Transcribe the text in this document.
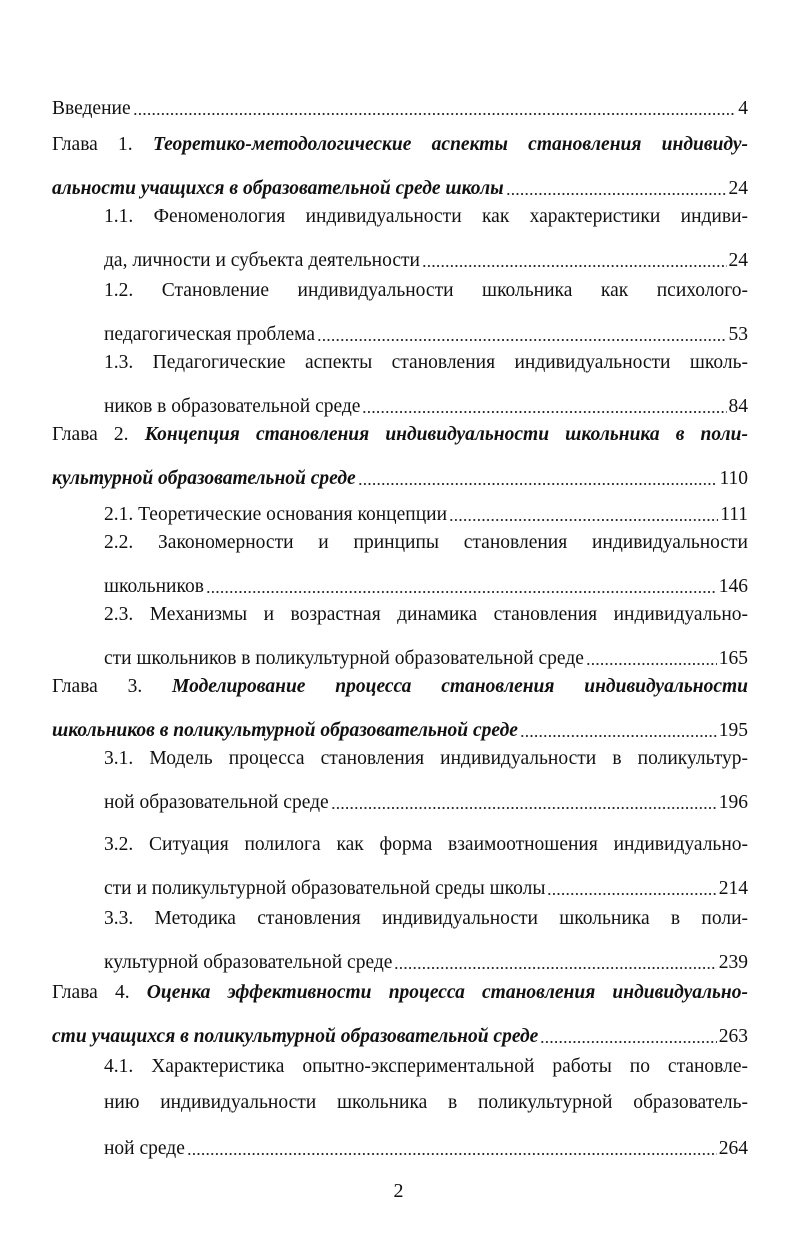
Введение	4
Глава 1. Теоретико-методологические аспекты становления индивиду-
альности учащихся в образовательной среде школы	24
1.1. Феноменология индивидуальности как характеристики индиви-
да, личности и субъекта деятельности	24
1.2. Становление индивидуальности школьника как психолого-
педагогическая проблема	53
1.3. Педагогические аспекты становления индивидуальности школь-
ников в образовательной среде	84
Глава 2. Концепция становления индивидуальности школьника в поли-
культурной образовательной среде	110
2.1. Теоретические основания концепции	111
2.2. Закономерности и принципы становления индивидуальности
школьников	146
2.3. Механизмы и возрастная динамика становления индивидуально-
сти школьников в поликультурной образовательной среде	165
Глава 3. Моделирование процесса становления индивидуальности
школьников в поликультурной образовательной среде	195
3.1. Модель процесса становления индивидуальности в поликультур-
ной образовательной среде	196
3.2. Ситуация полилога как форма взаимоотношения индивидуально-
сти и поликультурной образовательной среды школы	214
3.3. Методика становления индивидуальности школьника в поли-
культурной образовательной среде	239
Глава 4. Оценка эффективности процесса становления индивидуально-
сти учащихся в поликультурной образовательной среде	263
4.1. Характеристика опытно-экспериментальной работы по становле-
нию индивидуальности школьника в поликультурной образователь-
ной среде	264
2
